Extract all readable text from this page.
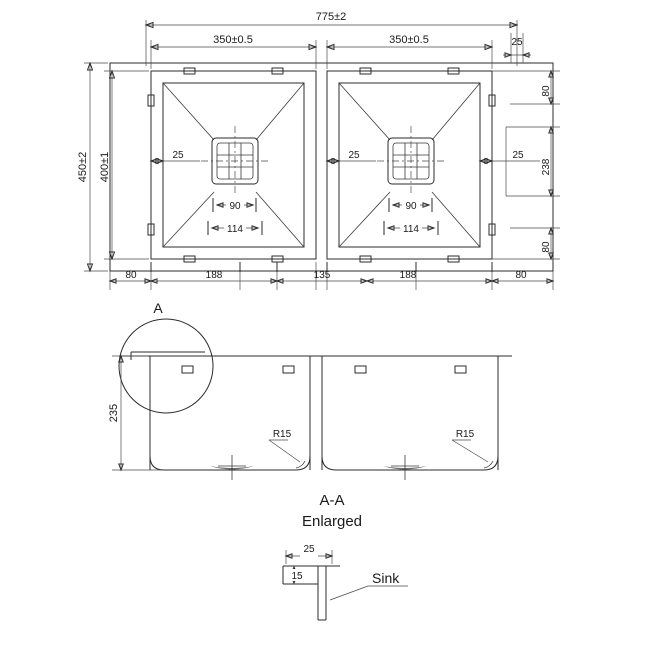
775±2
350±0.5	350±0.5	25
450±2 400±1	25	25	25
90
114
90
114
80
238
80
80	188	135	188	80
A
235
R15	R15
A-A
Enlarged
25
15	Sink
